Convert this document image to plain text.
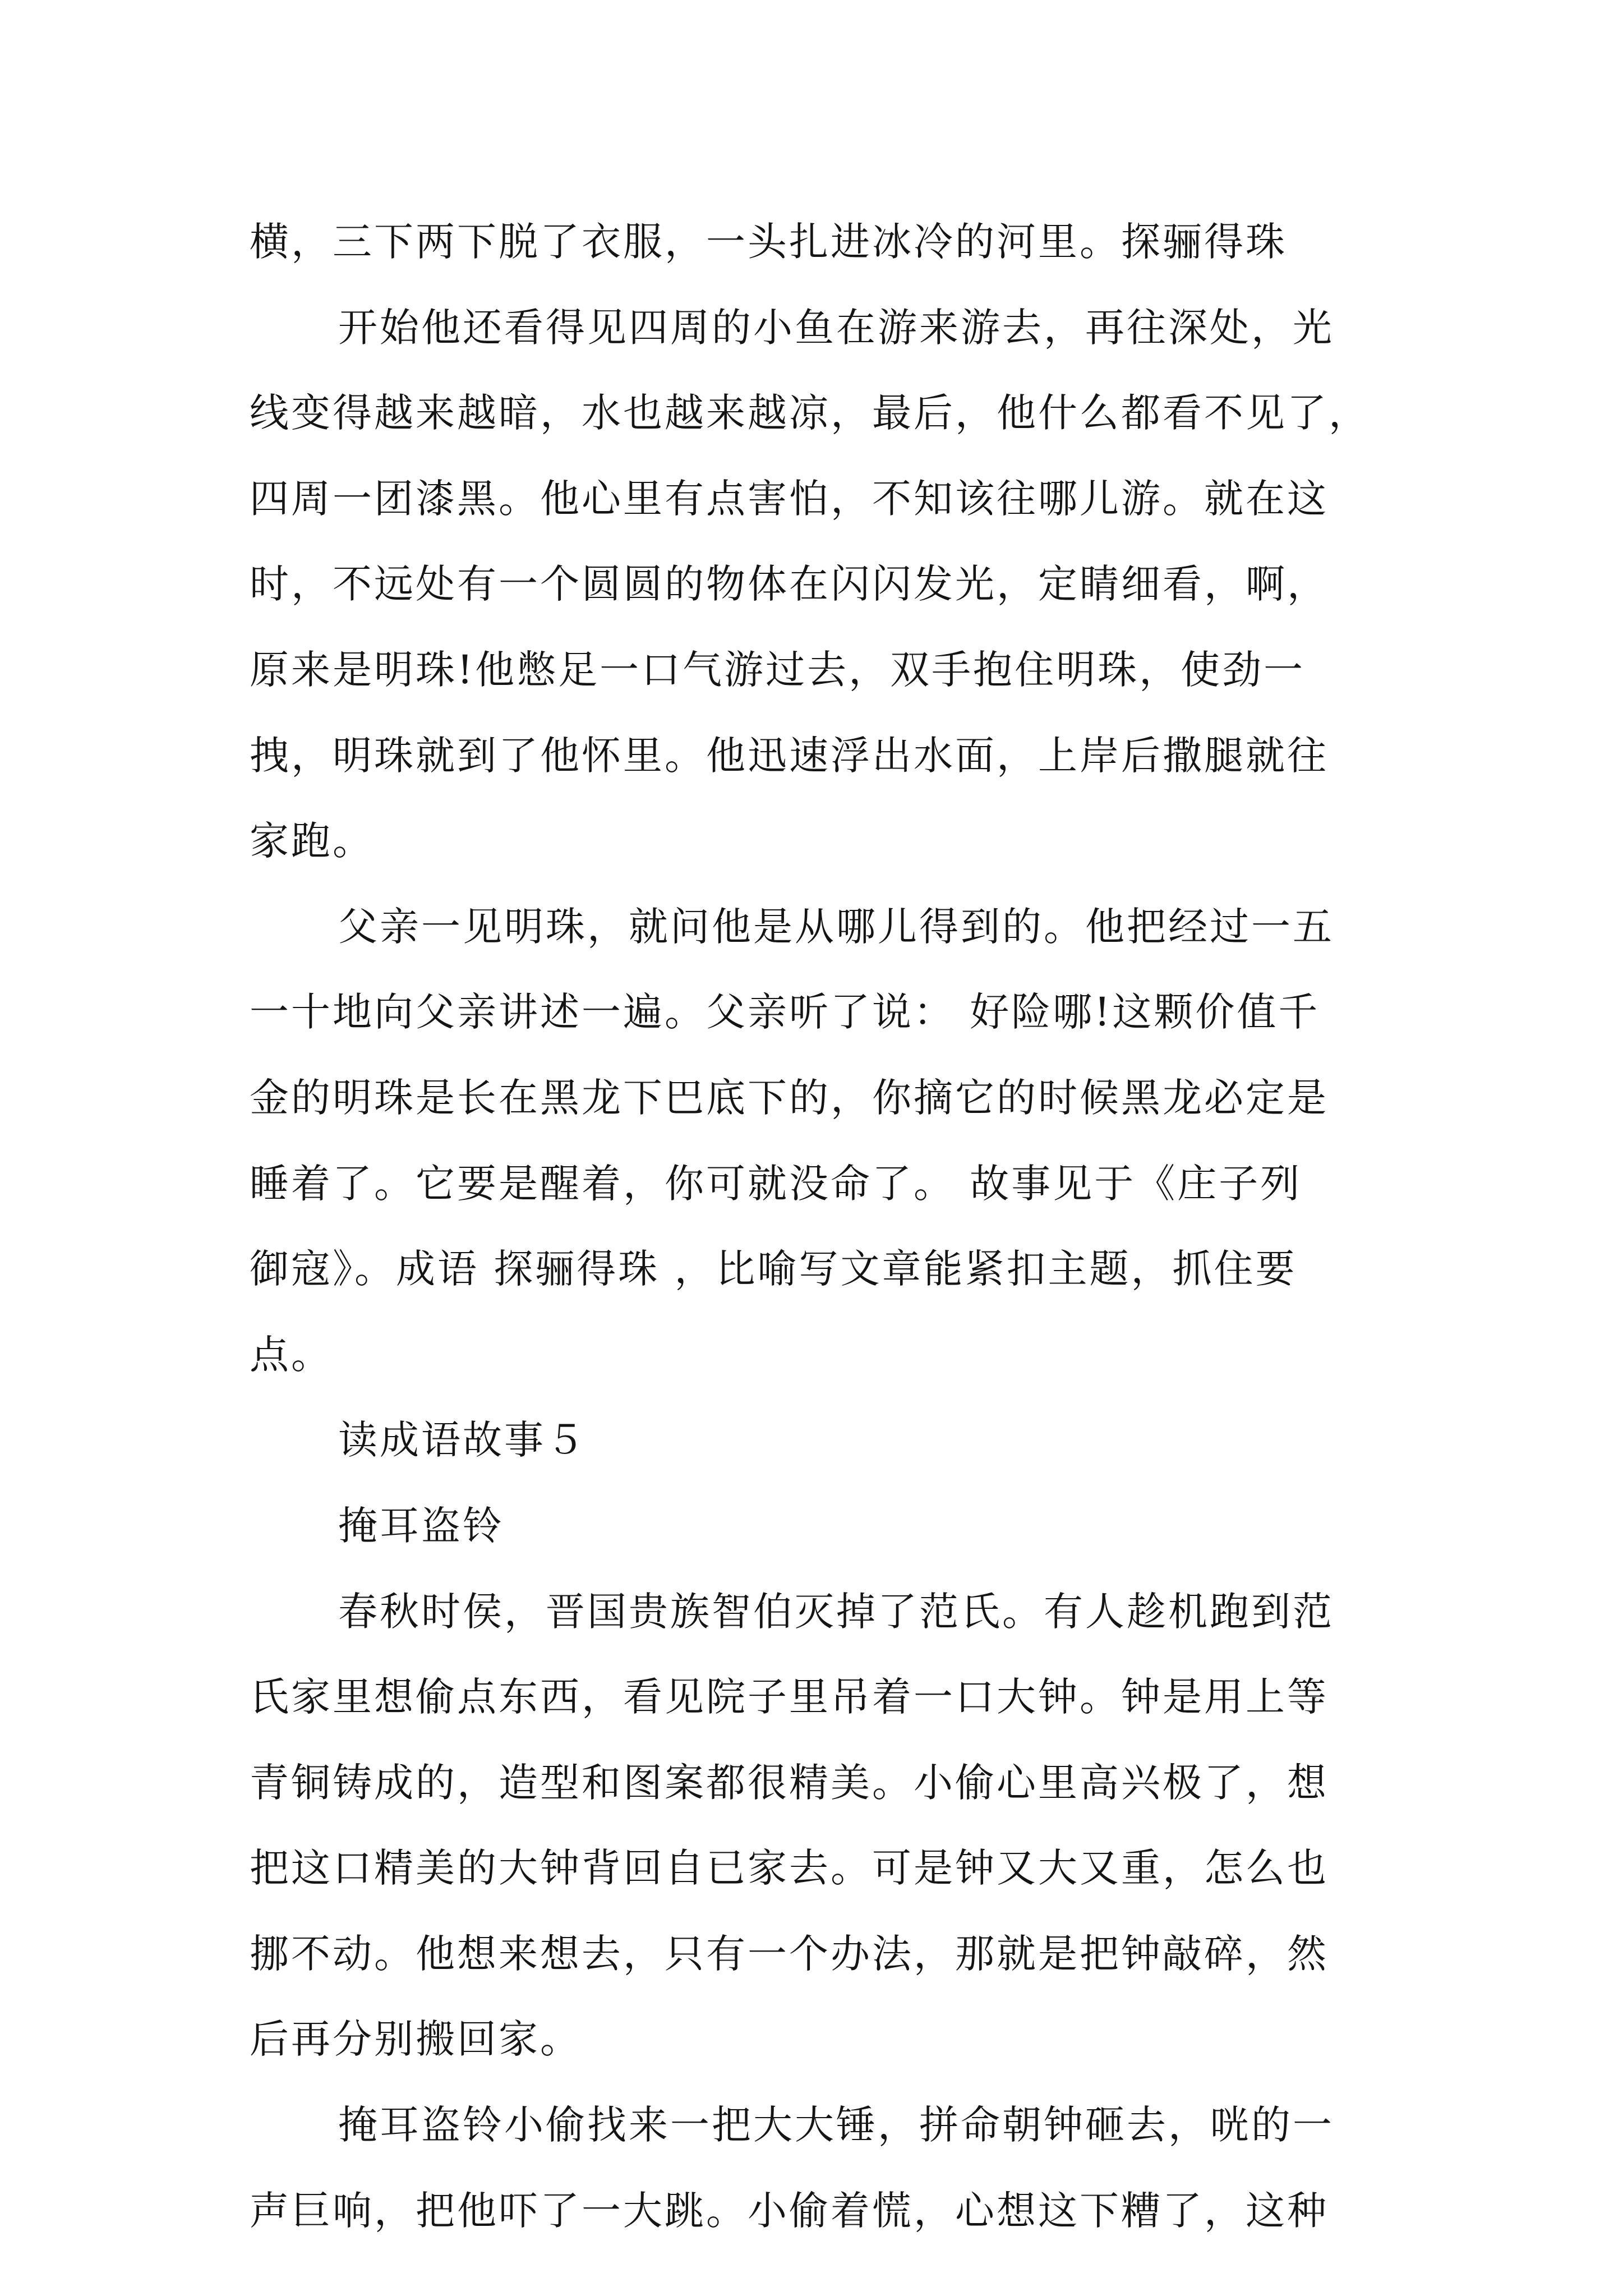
横，三下两下脱了衣服，一头扎进冰冷的河里。探骊得珠
开始他还看得见四周的小鱼在游来游去，再往深处，光
线变得越来越暗，水也越来越凉，最后，他什么都看不见了，
四周一团漆黑。他心里有点害怕，不知该往哪儿游。就在这
时，不远处有一个圆圆的物体在闪闪发光，定睛细看，啊，
原来是明珠!他憋足一口气游过去，双手抱住明珠，使劲一
拽，明珠就到了他怀里。他迅速浮出水面，上岸后撒腿就往
家跑。
父亲一见明珠，就问他是从哪儿得到的。他把经过一五
一十地向父亲讲述一遍。父亲听了说： 好险哪!这颗价值千
金的明珠是长在黑龙下巴底下的，你摘它的时候黑龙必定是
睡着了。它要是醒着，你可就没命了。 故事见于《庄子列
御寇》。成语 探骊得珠 ，比喻写文章能紧扣主题，抓住要
点。
读成语故事５
掩耳盗铃
春秋时侯，晋国贵族智伯灭掉了范氏。有人趁机跑到范
氏家里想偷点东西，看见院子里吊着一口大钟。钟是用上等
青铜铸成的，造型和图案都很精美。小偷心里高兴极了，想
把这口精美的大钟背回自已家去。可是钟又大又重，怎么也
挪不动。他想来想去，只有一个办法，那就是把钟敲碎，然
后再分别搬回家。
掩耳盗铃小偷找来一把大大锤，拼命朝钟砸去，咣的一
声巨响，把他吓了一大跳。小偷着慌，心想这下糟了，这种
